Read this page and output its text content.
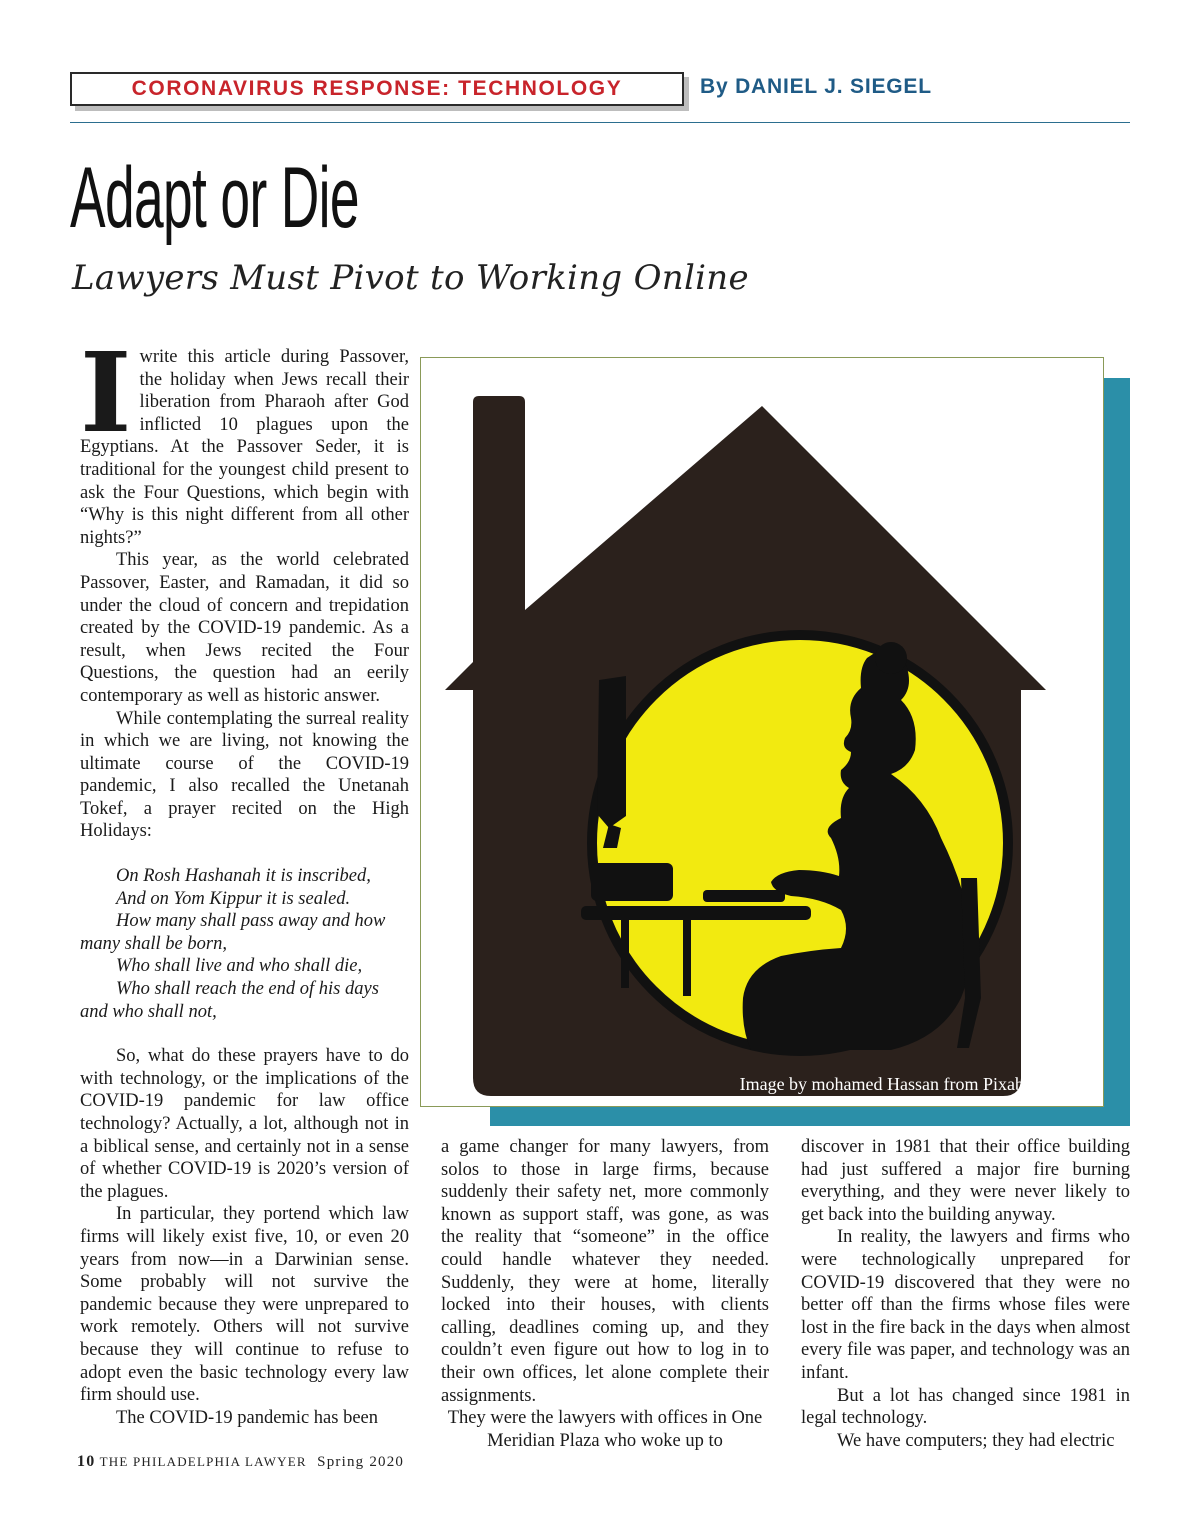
CORONAVIRUS RESPONSE: TECHNOLOGY	By DANIEL J. SIEGEL
Adapt or Die
Lawyers Must Pivot to Working Online

Iwrite this article during Passover, the holiday when Jews recall their liberation from Pharaoh after God inflicted 10 plagues upon the Egyptians. At the Passover Seder, it is traditional for the youngest child present to ask the Four Questions, which begin with “Why is this night different from all other nights?”

This year, as the world celebrated Passover, Easter, and Ramadan, it did so under the cloud of concern and trepidation created by the COVID-19 pandemic. As a result, when Jews recited the Four Questions, the question had an eerily contemporary as well as historic answer.

While contemplating the surreal reality in which we are living, not knowing the ultimate course of the COVID-19 pandemic, I also recalled the Unetanah Tokef, a prayer recited on the High Holidays:

On Rosh Hashanah it is inscribed,

And on Yom Kippur it is sealed.

How many shall pass away and how many shall be born,

Who shall live and who shall die,

Who shall reach the end of his days and who shall not,

So, what do these prayers have to do with technology, or the implications of the COVID-19 pandemic for law office technology? Actually, a lot, although not in a biblical sense, and certainly not in a sense of whether COVID-19 is 2020’s version of the plagues.

In particular, they portend which law firms will likely exist five, 10, or even 20 years from now—in a Darwinian sense. Some probably will not survive the pandemic because they were unprepared to work remotely. Others will not survive because they will continue to refuse to adopt even the basic technology every law firm should use.

The COVID-19 pandemic has been

Image by mohamed Hassan from Pixabay

a game changer for many lawyers, from solos to those in large firms, because suddenly their safety net, more commonly known as support staff, was gone, as was the reality that “someone” in the office could handle whatever they needed. Suddenly, they were at home, literally locked into their houses, with clients calling, deadlines coming up, and they couldn’t even figure out how to log in to their own offices, let alone complete their assignments.

They were the lawyers with offices in One Meridian Plaza who woke up to

discover in 1981 that their office building had just suffered a major fire burning everything, and they were never likely to get back into the building anyway.

In reality, the lawyers and firms who were technologically unprepared for COVID-19 discovered that they were no better off than the firms whose files were lost in the fire back in the days when almost every file was paper, and technology was an infant.

But a lot has changed since 1981 in legal technology.

We have computers; they had electric

10 THE PHILADELPHIA LAWYER Spring 2020
